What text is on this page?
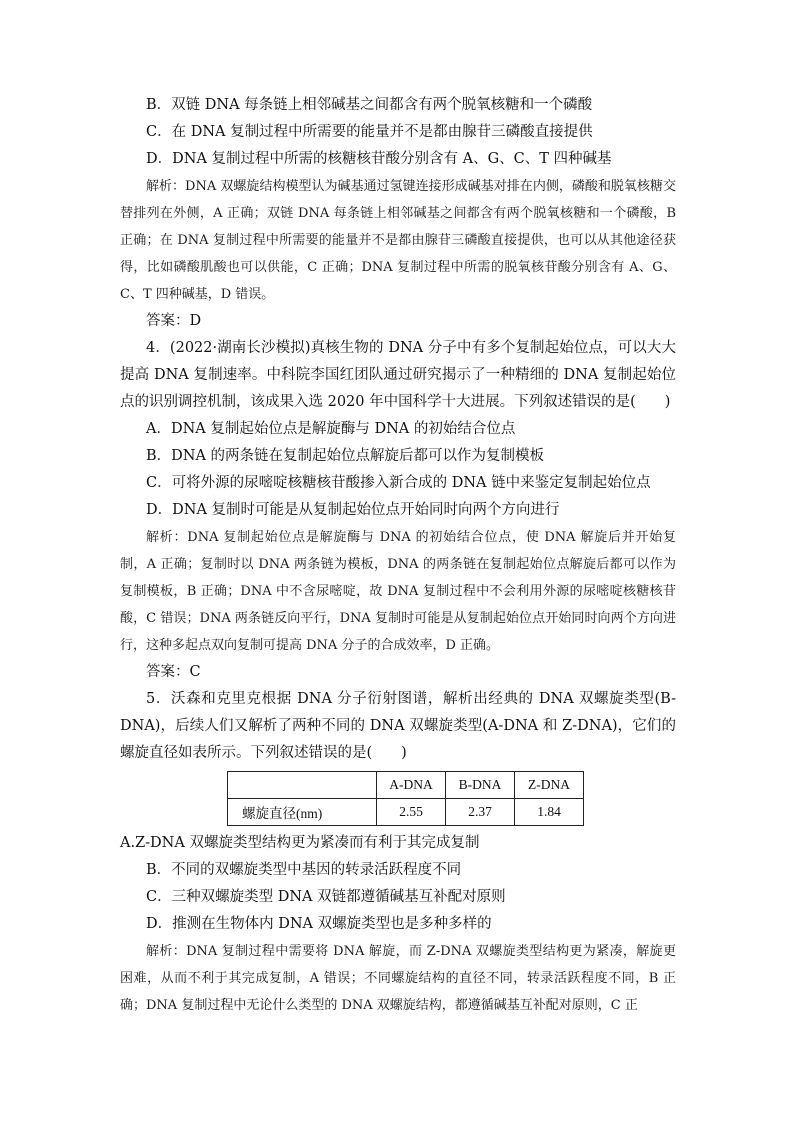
B．双链 DNA 每条链上相邻碱基之间都含有两个脱氧核糖和一个磷酸
C．在 DNA 复制过程中所需要的能量并不是都由腺苷三磷酸直接提供
D．DNA 复制过程中所需的核糖核苷酸分别含有 A、G、C、T 四种碱基

解析：DNA 双螺旋结构模型认为碱基通过氢键连接形成碱基对排在内侧，磷酸和脱氧核糖交替排列在外侧，A 正确；双链 DNA 每条链上相邻碱基之间都含有两个脱氧核糖和一个磷酸，B 正确；在 DNA 复制过程中所需要的能量并不是都由腺苷三磷酸直接提供，也可以从其他途径获得，比如磷酸肌酸也可以供能，C 正确；DNA 复制过程中所需的脱氧核苷酸分别含有 A、G、C、T 四种碱基，D 错误。

答案：D
4．(2022·湖南长沙模拟)真核生物的 DNA 分子中有多个复制起始位点，可以大大提高 DNA 复制速率。中科院李国红团队通过研究揭示了一种精细的 DNA 复制起始位点的识别调控机制，该成果入选 2020 年中国科学十大进展。下列叙述错误的是(　　)
A．DNA 复制起始位点是解旋酶与 DNA 的初始结合位点
B．DNA 的两条链在复制起始位点解旋后都可以作为复制模板
C．可将外源的尿嘧啶核糖核苷酸掺入新合成的 DNA 链中来鉴定复制起始位点
D．DNA 复制时可能是从复制起始位点开始同时向两个方向进行

解析：DNA 复制起始位点是解旋酶与 DNA 的初始结合位点，使 DNA 解旋后并开始复制，A 正确；复制时以 DNA 两条链为模板，DNA 的两条链在复制起始位点解旋后都可以作为复制模板，B 正确；DNA 中不含尿嘧啶，故 DNA 复制过程中不会利用外源的尿嘧啶核糖核苷酸，C 错误；DNA 两条链反向平行，DNA 复制时可能是从复制起始位点开始同时向两个方向进行，这种多起点双向复制可提高 DNA 分子的合成效率，D 正确。

答案：C
5．沃森和克里克根据 DNA 分子衍射图谱，解析出经典的 DNA 双螺旋类型(B-DNA)，后续人们又解析了两种不同的 DNA 双螺旋类型(A-DNA 和 Z-DNA)，它们的螺旋直径如表所示。下列叙述错误的是(　　)
	A-DNA	B-DNA	Z-DNA
螺旋直径(nm)	2.55	2.37	1.84
A.Z-DNA 双螺旋类型结构更为紧凑而有利于其完成复制
B．不同的双螺旋类型中基因的转录活跃程度不同
C．三种双螺旋类型 DNA 双链都遵循碱基互补配对原则
D．推测在生物体内 DNA 双螺旋类型也是多种多样的

解析：DNA 复制过程中需要将 DNA 解旋，而 Z-DNA 双螺旋类型结构更为紧凑，解旋更困难，从而不利于其完成复制，A 错误；不同螺旋结构的直径不同，转录活跃程度不同，B 正确；DNA 复制过程中无论什么类型的 DNA 双螺旋结构，都遵循碱基互补配对原则，C 正
